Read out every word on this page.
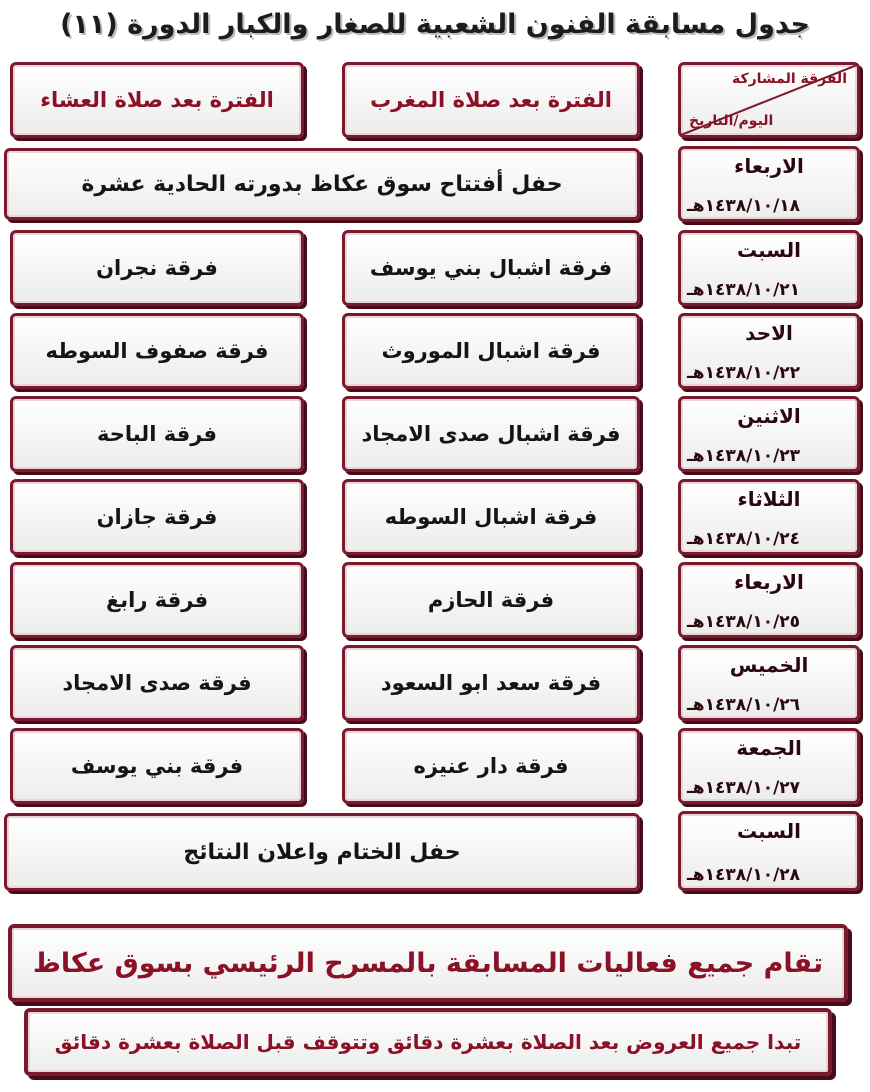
جدول مسابقة الفنون الشعبية للصغار والكبار الدورة (١١)
الفرقة المشاركة
اليوم/التاريخ
الفترة بعد صلاة المغرب
الفترة بعد صلاة العشاء
الاربعاء
١٤٣٨/١٠/١٨هـ
حفل أفتتاح سوق عكاظ بدورته الحادية عشرة
السبت
١٤٣٨/١٠/٢١هـ
فرقة اشبال بني يوسف
فرقة نجران
الاحد
١٤٣٨/١٠/٢٢هـ
فرقة اشبال الموروث
فرقة صفوف السوطه
الاثنين
١٤٣٨/١٠/٢٣هـ
فرقة اشبال صدى الامجاد
فرقة الباحة
الثلاثاء
١٤٣٨/١٠/٢٤هـ
فرقة اشبال السوطه
فرقة جازان
الاربعاء
١٤٣٨/١٠/٢٥هـ
فرقة الحازم
فرقة رابغ
الخميس
١٤٣٨/١٠/٢٦هـ
فرقة سعد ابو السعود
فرقة صدى الامجاد
الجمعة
١٤٣٨/١٠/٢٧هـ
فرقة دار عنيزه
فرقة بني يوسف
السبت
١٤٣٨/١٠/٢٨هـ
حفل الختام واعلان النتائج
تقام جميع فعاليات المسابقة بالمسرح الرئيسي بسوق عكاظ
تبدا جميع العروض بعد الصلاة بعشرة دقائق وتتوقف قبل الصلاة بعشرة دقائق
